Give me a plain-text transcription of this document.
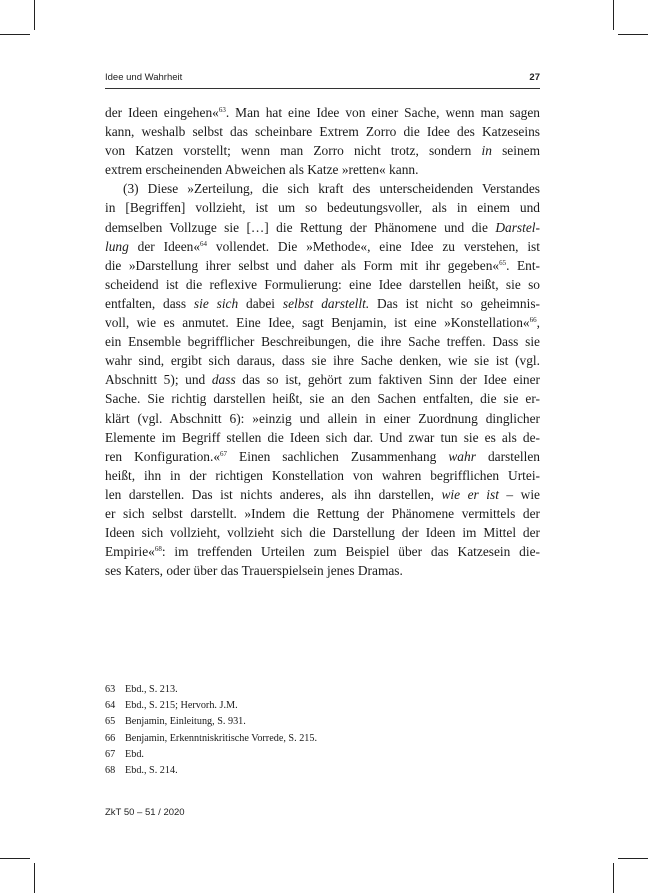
Idee und Wahrheit	27
der Ideen eingehen«$^{63}$. Man hat eine Idee von einer Sache, wenn man sagen
kann, weshalb selbst das scheinbare Extrem Zorro die Idee des Katzeseins
von Katzen vorstellt; wenn man Zorro nicht trotz, sondern in seinem
extrem erscheinenden Abweichen als Katze »retten« kann.
(3) Diese »Zerteilung, die sich kraft des unterscheidenden Verstandes
in [Begriffen] vollzieht, ist um so bedeutungsvoller, als in einem und
demselben Vollzuge sie […] die Rettung der Phänomene und die Darstel-
lung der Ideen«$^{64}$ vollendet. Die »Methode«, eine Idee zu verstehen, ist
die »Darstellung ihrer selbst und daher als Form mit ihr gegeben«$^{65}$. Ent-
scheidend ist die reflexive Formulierung: eine Idee darstellen heißt, sie so
entfalten, dass sie sich dabei selbst darstellt. Das ist nicht so geheimnis-
voll, wie es anmutet. Eine Idee, sagt Benjamin, ist eine »Konstellation«$^{66}$,
ein Ensemble begrifflicher Beschreibungen, die ihre Sache treffen. Dass sie
wahr sind, ergibt sich daraus, dass sie ihre Sache denken, wie sie ist (vgl.
Abschnitt 5); und dass das so ist, gehört zum faktiven Sinn der Idee einer
Sache. Sie richtig darstellen heißt, sie an den Sachen entfalten, die sie er-
klärt (vgl. Abschnitt 6): »einzig und allein in einer Zuordnung dinglicher
Elemente im Begriff stellen die Ideen sich dar. Und zwar tun sie es als de-
ren Konfiguration.«$^{67}$ Einen sachlichen Zusammenhang wahr darstellen
heißt, ihn in der richtigen Konstellation von wahren begrifflichen Urtei-
len darstellen. Das ist nichts anderes, als ihn darstellen, wie er ist – wie
er sich selbst darstellt. »Indem die Rettung der Phänomene vermittels der
Ideen sich vollzieht, vollzieht sich die Darstellung der Ideen im Mittel der
Empirie«$^{68}$: im treffenden Urteilen zum Beispiel über das Katzesein die-
ses Katers, oder über das Trauerspielsein jenes Dramas.
63 Ebd., S. 213.
64 Ebd., S. 215; Hervorh. J.M.
65 Benjamin, Einleitung, S. 931.
66 Benjamin, Erkenntniskritische Vorrede, S. 215.
67 Ebd.
68 Ebd., S. 214.
ZkT 50 – 51 / 2020
